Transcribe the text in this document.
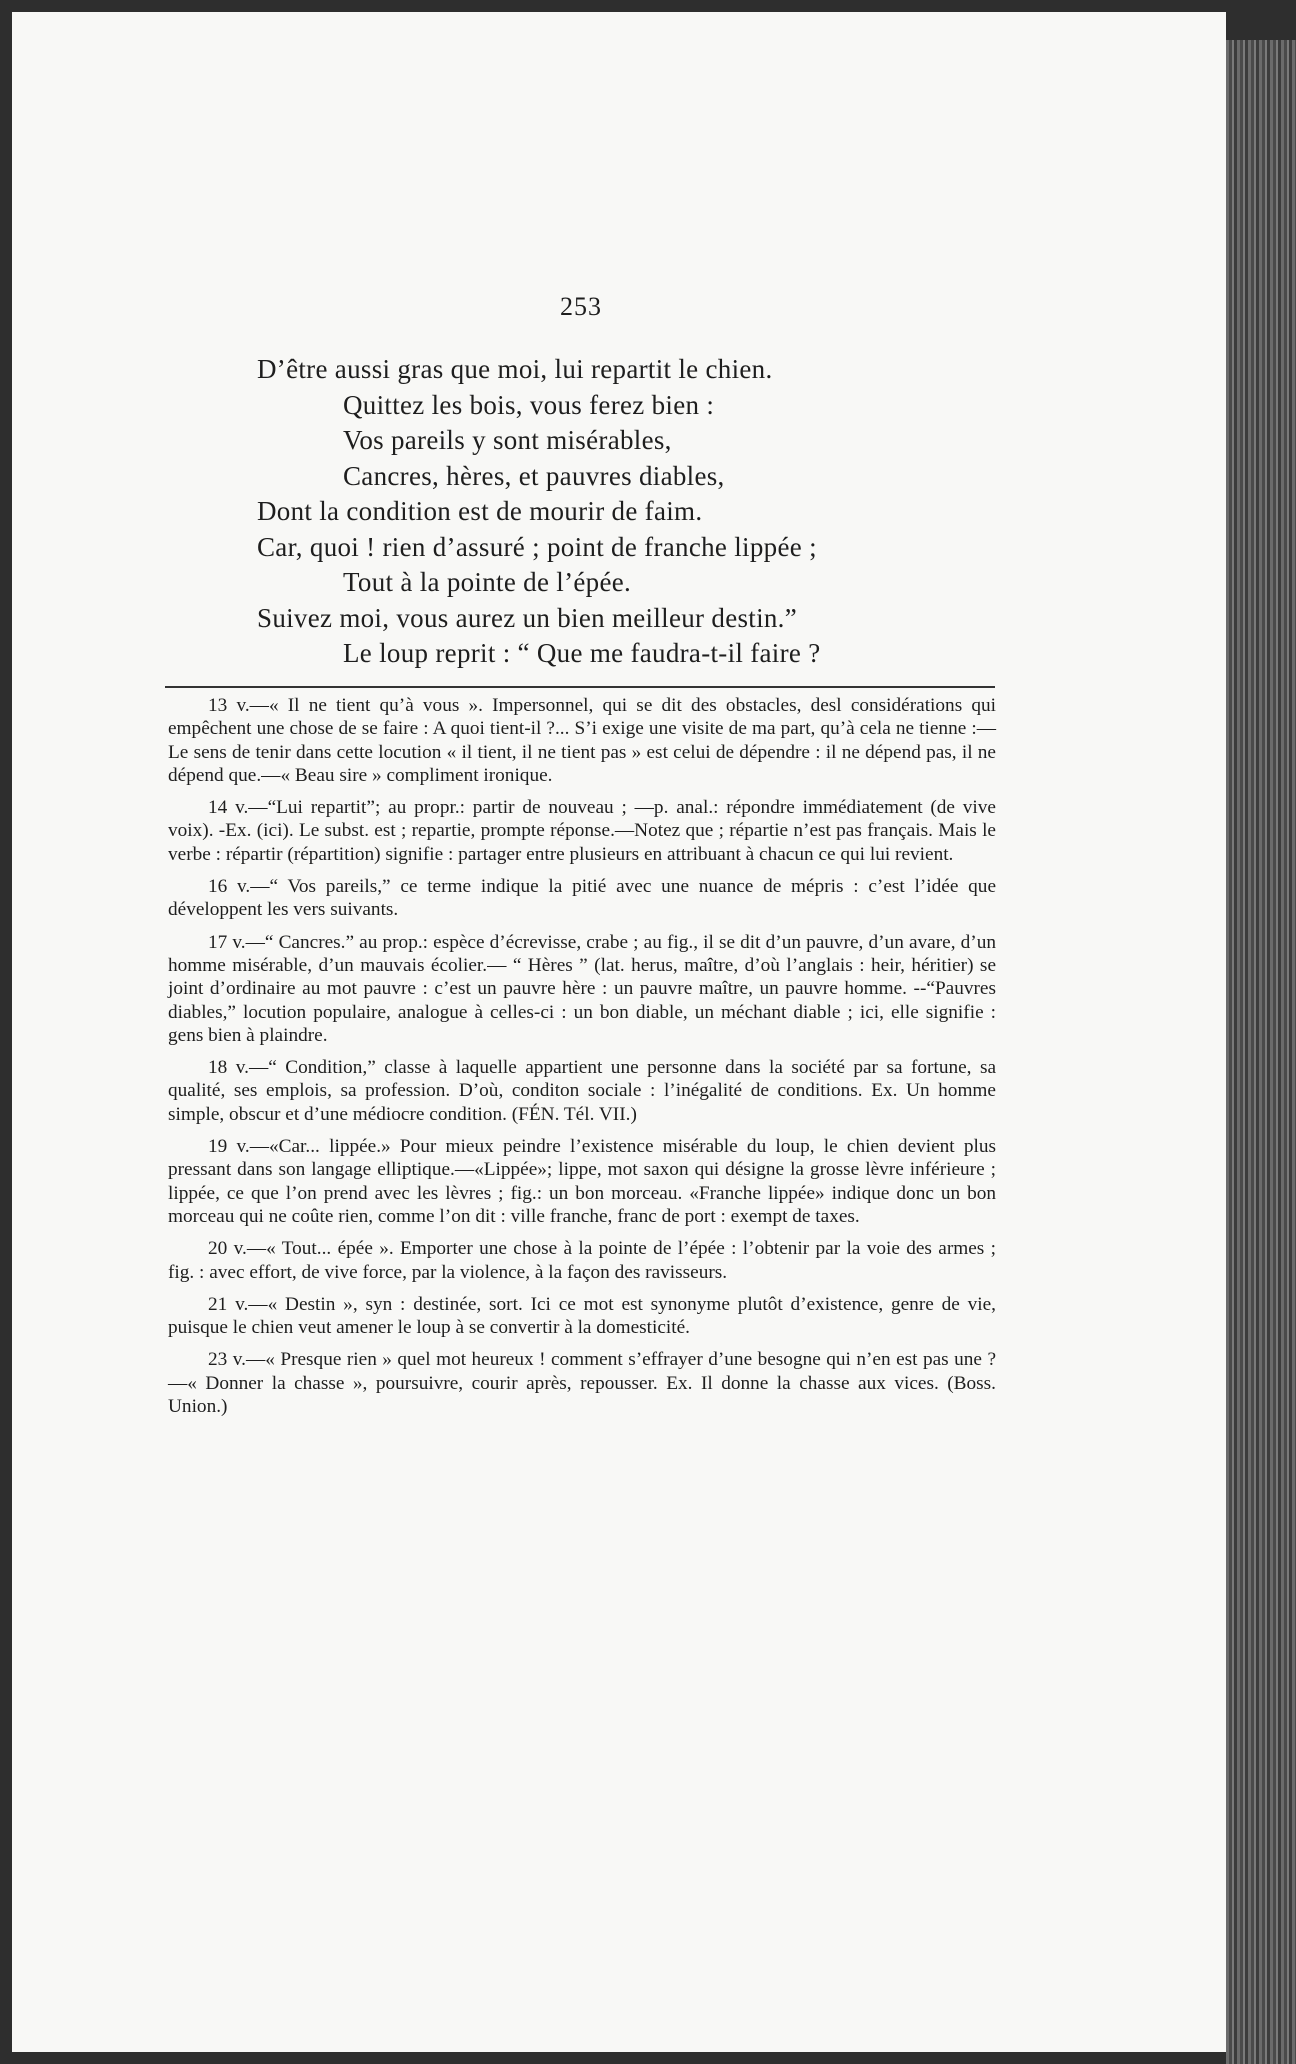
253
D’être aussi gras que moi, lui repartit le chien.
Quittez les bois, vous ferez bien :
Vos pareils y sont misérables,
Cancres, hères, et pauvres diables,
Dont la condition est de mourir de faim.
Car, quoi ! rien d’assuré ; point de franche lippée ;
Tout à la pointe de l’épée.
Suivez moi, vous aurez un bien meilleur destin.”
Le loup reprit : “ Que me faudra-t-il faire ?

13 v.—« Il ne tient qu’à vous ». Impersonnel, qui se dit des obstacles, desl considérations qui empêchent une chose de se faire : A quoi tient-il ?... S’i exige une visite de ma part, qu’à cela ne tienne :—Le sens de tenir dans cette locution « il tient, il ne tient pas » est celui de dépendre : il ne dépend pas, il ne dépend que.—« Beau sire » compliment ironique.

14 v.—“Lui repartit”; au propr.: partir de nouveau ; —p. anal.: répondre immédiatement (de vive voix). -Ex. (ici). Le subst. est ; repartie, prompte réponse.—Notez que ; répartie n’est pas français. Mais le verbe : répartir (répartition) signifie : partager entre plusieurs en attribuant à chacun ce qui lui revient.

16 v.—“ Vos pareils,” ce terme indique la pitié avec une nuance de mépris : c’est l’idée que développent les vers suivants.

17 v.—“ Cancres.” au prop.: espèce d’écrevisse, crabe ; au fig., il se dit d’un pauvre, d’un avare, d’un homme misérable, d’un mauvais écolier.— “ Hères ” (lat. herus, maître, d’où l’anglais : heir, héritier) se joint d’ordinaire au mot pauvre : c’est un pauvre hère : un pauvre maître, un pauvre homme. --“Pauvres diables,” locution populaire, analogue à celles-ci : un bon diable, un méchant diable ; ici, elle signifie : gens bien à plaindre.

18 v.—“ Condition,” classe à laquelle appartient une personne dans la société par sa fortune, sa qualité, ses emplois, sa profession. D’où, conditon sociale : l’inégalité de conditions. Ex. Un homme simple, obscur et d’une médiocre condition. (FÉN. Tél. VII.)

19 v.—«Car... lippée.» Pour mieux peindre l’existence misérable du loup, le chien devient plus pressant dans son langage elliptique.—«Lippée»; lippe, mot saxon qui désigne la grosse lèvre inférieure ; lippée, ce que l’on prend avec les lèvres ; fig.: un bon morceau. «Franche lippée» indique donc un bon morceau qui ne coûte rien, comme l’on dit : ville franche, franc de port : exempt de taxes.

20 v.—« Tout... épée ». Emporter une chose à la pointe de l’épée : l’obtenir par la voie des armes ; fig. : avec effort, de vive force, par la violence, à la façon des ravisseurs.

21 v.—« Destin », syn : destinée, sort. Ici ce mot est synonyme plutôt d’existence, genre de vie, puisque le chien veut amener le loup à se convertir à la domesticité.

23 v.—« Presque rien » quel mot heureux ! comment s’effrayer d’une besogne qui n’en est pas une ?—« Donner la chasse », poursuivre, courir après, repousser. Ex. Il donne la chasse aux vices. (Boss. Union.)
